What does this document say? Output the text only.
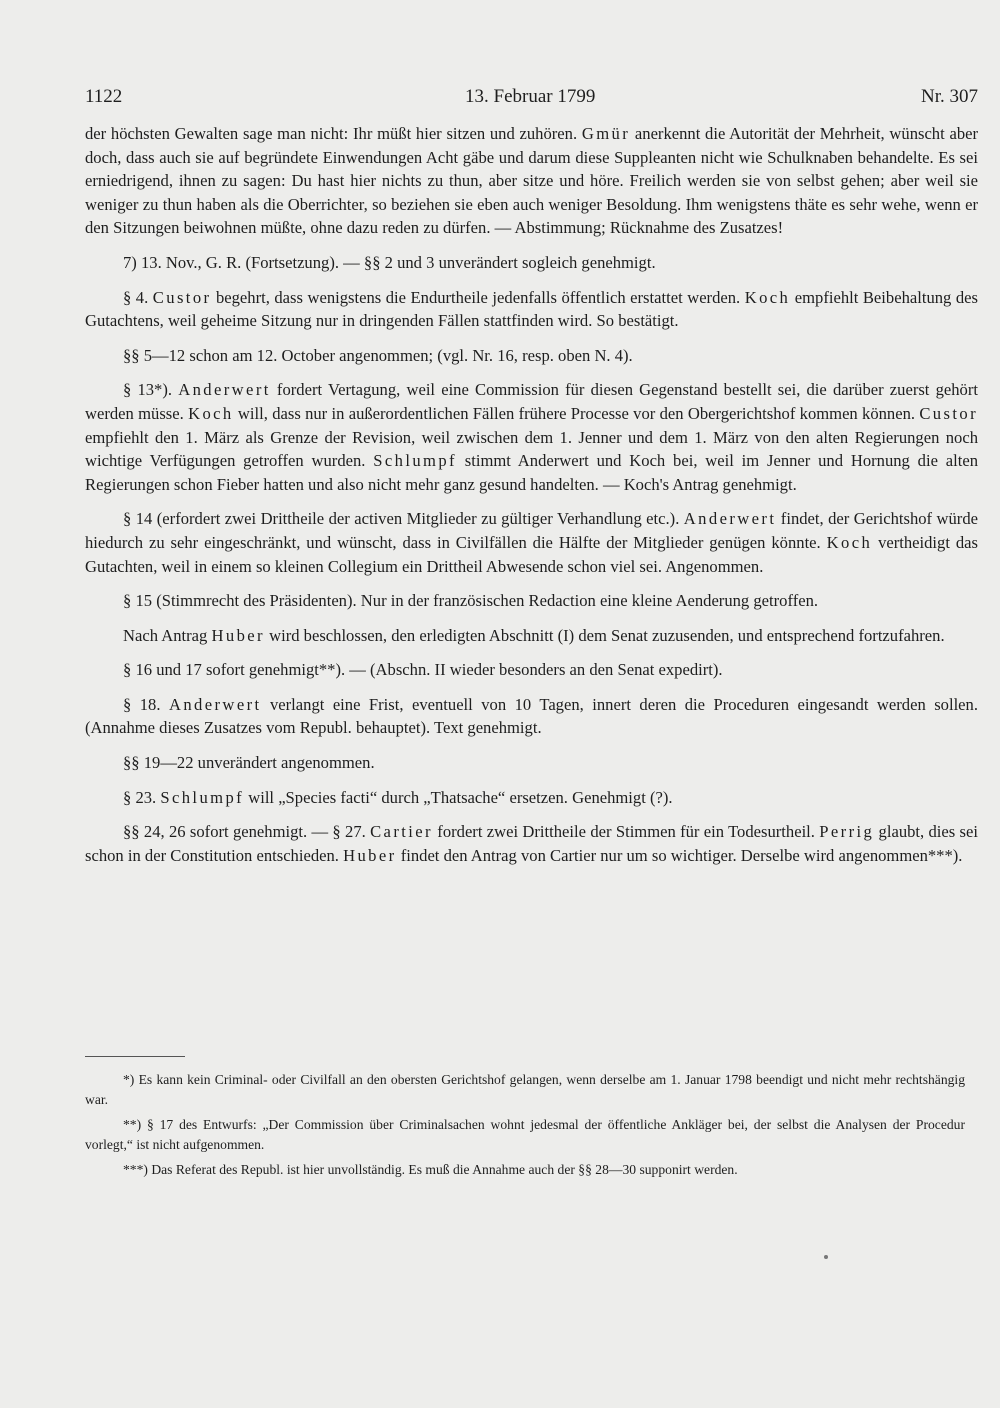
1122	13. Februar 1799	Nr. 307

der höchsten Gewalten sage man nicht: Ihr müßt hier sitzen und zuhören. Gmür anerkennt die Autorität der Mehrheit, wünscht aber doch, dass auch sie auf begründete Einwendungen Acht gäbe und darum diese Suppleanten nicht wie Schulknaben behandelte. Es sei erniedrigend, ihnen zu sagen: Du hast hier nichts zu thun, aber sitze und höre. Freilich werden sie von selbst gehen; aber weil sie weniger zu thun haben als die Oberrichter, so beziehen sie eben auch weniger Besoldung. Ihm wenigstens thäte es sehr wehe, wenn er den Sitzungen beiwohnen müßte, ohne dazu reden zu dürfen. — Abstimmung; Rücknahme des Zusatzes!

7) 13. Nov., G. R. (Fortsetzung). — §§ 2 und 3 unverändert sogleich genehmigt.

§ 4. Custor begehrt, dass wenigstens die Endurtheile jedenfalls öffentlich erstattet werden. Koch empfiehlt Beibehaltung des Gutachtens, weil geheime Sitzung nur in dringenden Fällen stattfinden wird. So bestätigt.

§§ 5—12 schon am 12. October angenommen; (vgl. Nr. 16, resp. oben N. 4).

§ 13*). Anderwert fordert Vertagung, weil eine Commission für diesen Gegenstand bestellt sei, die darüber zuerst gehört werden müsse. Koch will, dass nur in außerordentlichen Fällen frühere Processe vor den Obergerichtshof kommen können. Custor empfiehlt den 1. März als Grenze der Revision, weil zwischen dem 1. Jenner und dem 1. März von den alten Regierungen noch wichtige Verfügungen getroffen wurden. Schlumpf stimmt Anderwert und Koch bei, weil im Jenner und Hornung die alten Regierungen schon Fieber hatten und also nicht mehr ganz gesund handelten. — Koch's Antrag genehmigt.

§ 14 (erfordert zwei Drittheile der activen Mitglieder zu gültiger Verhandlung etc.). Anderwert findet, der Gerichtshof würde hiedurch zu sehr eingeschränkt, und wünscht, dass in Civilfällen die Hälfte der Mitglieder genügen könnte. Koch vertheidigt das Gutachten, weil in einem so kleinen Collegium ein Drittheil Abwesende schon viel sei. Angenommen.

§ 15 (Stimmrecht des Präsidenten). Nur in der französischen Redaction eine kleine Aenderung getroffen.

Nach Antrag Huber wird beschlossen, den erledigten Abschnitt (I) dem Senat zuzusenden, und entsprechend fortzufahren.

§ 16 und 17 sofort genehmigt**). — (Abschn. II wieder besonders an den Senat expedirt).

§ 18. Anderwert verlangt eine Frist, eventuell von 10 Tagen, innert deren die Proceduren eingesandt werden sollen. (Annahme dieses Zusatzes vom Republ. behauptet). Text genehmigt.

§§ 19—22 unverändert angenommen.

§ 23. Schlumpf will „Species facti“ durch „Thatsache“ ersetzen. Genehmigt (?).

§§ 24, 26 sofort genehmigt. — § 27. Cartier fordert zwei Drittheile der Stimmen für ein Todesurtheil. Perrig glaubt, dies sei schon in der Constitution entschieden. Huber findet den Antrag von Cartier nur um so wichtiger. Derselbe wird angenommen***).

*) Es kann kein Criminal- oder Civilfall an den obersten Gerichtshof gelangen, wenn derselbe am 1. Januar 1798 beendigt und nicht mehr rechtshängig war.

**) § 17 des Entwurfs: „Der Commission über Criminalsachen wohnt jedesmal der öffentliche Ankläger bei, der selbst die Analysen der Procedur vorlegt,“ ist nicht aufgenommen.

***) Das Referat des Republ. ist hier unvollständig. Es muß die Annahme auch der §§ 28—30 supponirt werden.
